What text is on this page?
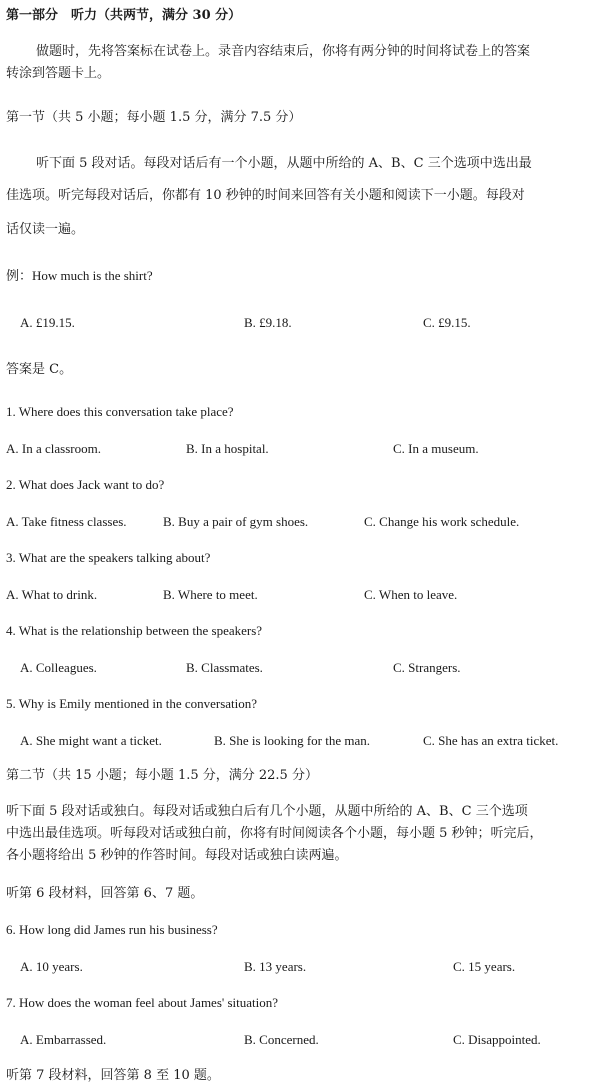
第一部分　听力（共两节，满分 30 分）
做题时，先将答案标在试卷上。录音内容结束后，你将有两分钟的时间将试卷上的答案
转涂到答题卡上。
第一节（共 5 小题；每小题 1.5 分，满分 7.5 分）
听下面 5 段对话。每段对话后有一个小题，从题中所给的 A、B、C 三个选项中选出最
佳选项。听完每段对话后，你都有 10 秒钟的时间来回答有关小题和阅读下一小题。每段对
话仅读一遍。
例：How much is the shirt?
A. £19.15.	B. £9.18.	C. £9.15.
答案是 C。
1. Where does this conversation take place?
A. In a classroom.	B. In a hospital.	C. In a museum.
2. What does Jack want to do?
A. Take fitness classes.	B. Buy a pair of gym shoes.	C. Change his work schedule.
3. What are the speakers talking about?
A. What to drink.	B. Where to meet.	C. When to leave.
4. What is the relationship between the speakers?
A. Colleagues.	B. Classmates.	C. Strangers.
5. Why is Emily mentioned in the conversation?
A. She might want a ticket.	B. She is looking for the man.	C. She has an extra ticket.
第二节（共 15 小题；每小题 1.5 分，满分 22.5 分）
听下面 5 段对话或独白。每段对话或独白后有几个小题，从题中所给的 A、B、C 三个选项
中选出最佳选项。听每段对话或独白前，你将有时间阅读各个小题，每小题 5 秒钟；听完后，
各小题将给出 5 秒钟的作答时间。每段对话或独白读两遍。
听第 6 段材料，回答第 6、7 题。
6. How long did James run his business?
A. 10 years.	B. 13 years.	C. 15 years.
7. How does the woman feel about James' situation?
A. Embarrassed.	B. Concerned.	C. Disappointed.
听第 7 段材料，回答第 8 至 10 题。
